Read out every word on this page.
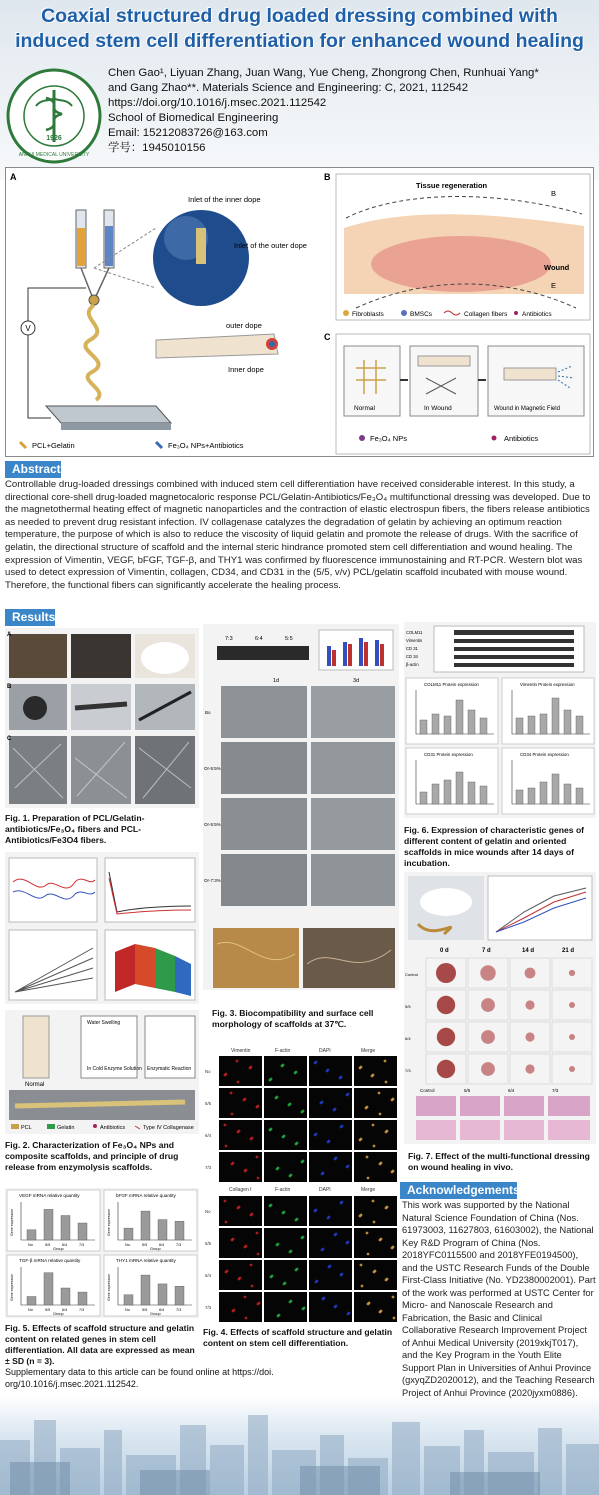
Coaxial structured drug loaded dressing combined with
induced stem cell differentiation for enhanced wound healing
ANHUI MEDICAL UNIVERSITY
1926
Chen Gao¹, Liyuan Zhang, Juan Wang, Yue Cheng, Zhongrong Chen, Runhuai Yang*
and Gang Zhao**. Materials Science and Engineering: C, 2021, 112542
https://doi.org/10.1016/j.msec.2021.112542
School of Biomedical Engineering
Email: 15212083726@163.com
学号：1945010156
A	B
C
V
Inlet of the inner dope
Inlet of the outer dope
outer dope
Inner dope
PCL+Gelatin	Fe₃O₄ NPs+Antibiotics
Tissue regeneration
B
E
Wound
Fibroblasts	BMSCs	Collagen fibers Antibiotics
Normal	In Wound	Wound in Magnetic Field
Fe₃O₄ NPs	Antibiotics
Abstract
Controllable drug-loaded dressings combined with induced stem cell differentiation have received considerable interest. In this study, a directional core-shell drug-loaded magnetocaloric response PCL/Gelatin-Antibiotics/Fe₃O₄ multifunctional dressing was developed. Due to the magnetothermal heating effect of magnetic nanoparticles and the contraction of elastic electrospun fibers, the fibers release antibiotics as needed to prevent drug resistant infection. IV collagenase catalyzes the degradation of gelatin by achieving an optimum reaction temperature, the purpose of which is also to reduce the viscosity of liquid gelatin and promote the release of drugs. With the sacrifice of gelatin, the directional structure of scaffold and the internal steric hindrance promoted stem cell differentiation and wound healing. The expression of Vimentin, VEGF, bFGF, TGF-β, and THY1 was confirmed by fluorescence immunostaining and RT-PCR. Western blot was used to detect expression of Vimentin, collagen, CD34, and CD31 in the (5/5, v/v) PCL/gelatin scaffold incubated with mouse wound. Therefore, the functional fibers can significantly accelerate the healing process.
Results
A
B
C
Fig. 1. Preparation of PCL/Gelatin-antibiotics/Fe₃O₄ fibers and PCL-Antibiotics/Fe3O4 fibers.
Normal
Water Swelling
In Cold Enzyme Solution Enzymatic Reaction
PCL	Gelatin	Antibiotics	Type IV Collagenase
Fig. 2. Characterization of Fe₃O₄ NPs and composite scaffolds, and principle of drug release from enzymolysis scaffolds.
VEGF mRNA relative quantity
No	5/5	6/4	7/3
Group
Gene expression
bFGF mRNA relative quantity
No	5/5	6/4	7/3
Group
Gene expression
TGF-β mRNA relative quantity
No	5/5	6/4	7/3
Group
Gene expression
THY1 mRNA relative quantity
No	5/5	6/4	7/3
Group
Gene expression
Fig. 5. Effects of scaffold structure and gelatin content on related genes in stem cell differentiation. All data are expressed as mean ± SD (n = 3).
Supplementary data to this article can be found online at https://doi. org/10.1016/j.msec.2021.112542.
7:3	6:4	5:5
1d	3d
Bo
Or-5:5%
Or-5:5%
Or-7:3%
Fig. 3. Biocompatibility and surface cell morphology of scaffolds at 37℃.
No
5/5
6/4
7/3
No
5/5
6/4
7/3
Vimentin	F-actin	DAPI	Merge
Collagen I	F-actin	DAPI	Merge
Fig. 4. Effects of scaffold structure and gelatin content on stem cell differentiation.
COLM11
Vimentin
CD 31
CD 34
β-actin
COLM11 Protein expression	Vimentin Protein expression
CD31 Protein expression	CD34 Protein expression
Fig. 6. Expression of characteristic genes of different content of gelatin and oriented scaffolds in mice wounds after 14 days of incubation.
0 d	7 d	14 d	21 d
Control
5/5
6/4
7/3
Control	5/5	6/4	7/3
Fig. 7. Effect of the multi-functional dressing on wound healing in vivo.
Acknowledgements
This work was supported by the National Natural Science Foundation of China (Nos. 61973003, 11627803, 61603002), the National Key R&D Program of China (Nos. 2018YFC0115500 and 2018YFE0194500), and the USTC Research Funds of the Double First-Class Initiative (No. YD2380002001). Part of the work was performed at USTC Center for Micro- and Nanoscale Research and Fabrication, the Basic and Clinical Collaborative Research Improvement Project of Anhui Medical University (2019xkjT017), and the Key Program in the Youth Elite Support Plan in Universities of Anhui Province (gxyqZD2020012), and the Teaching Research Project of Anhui Province (2020jyxm0886).
